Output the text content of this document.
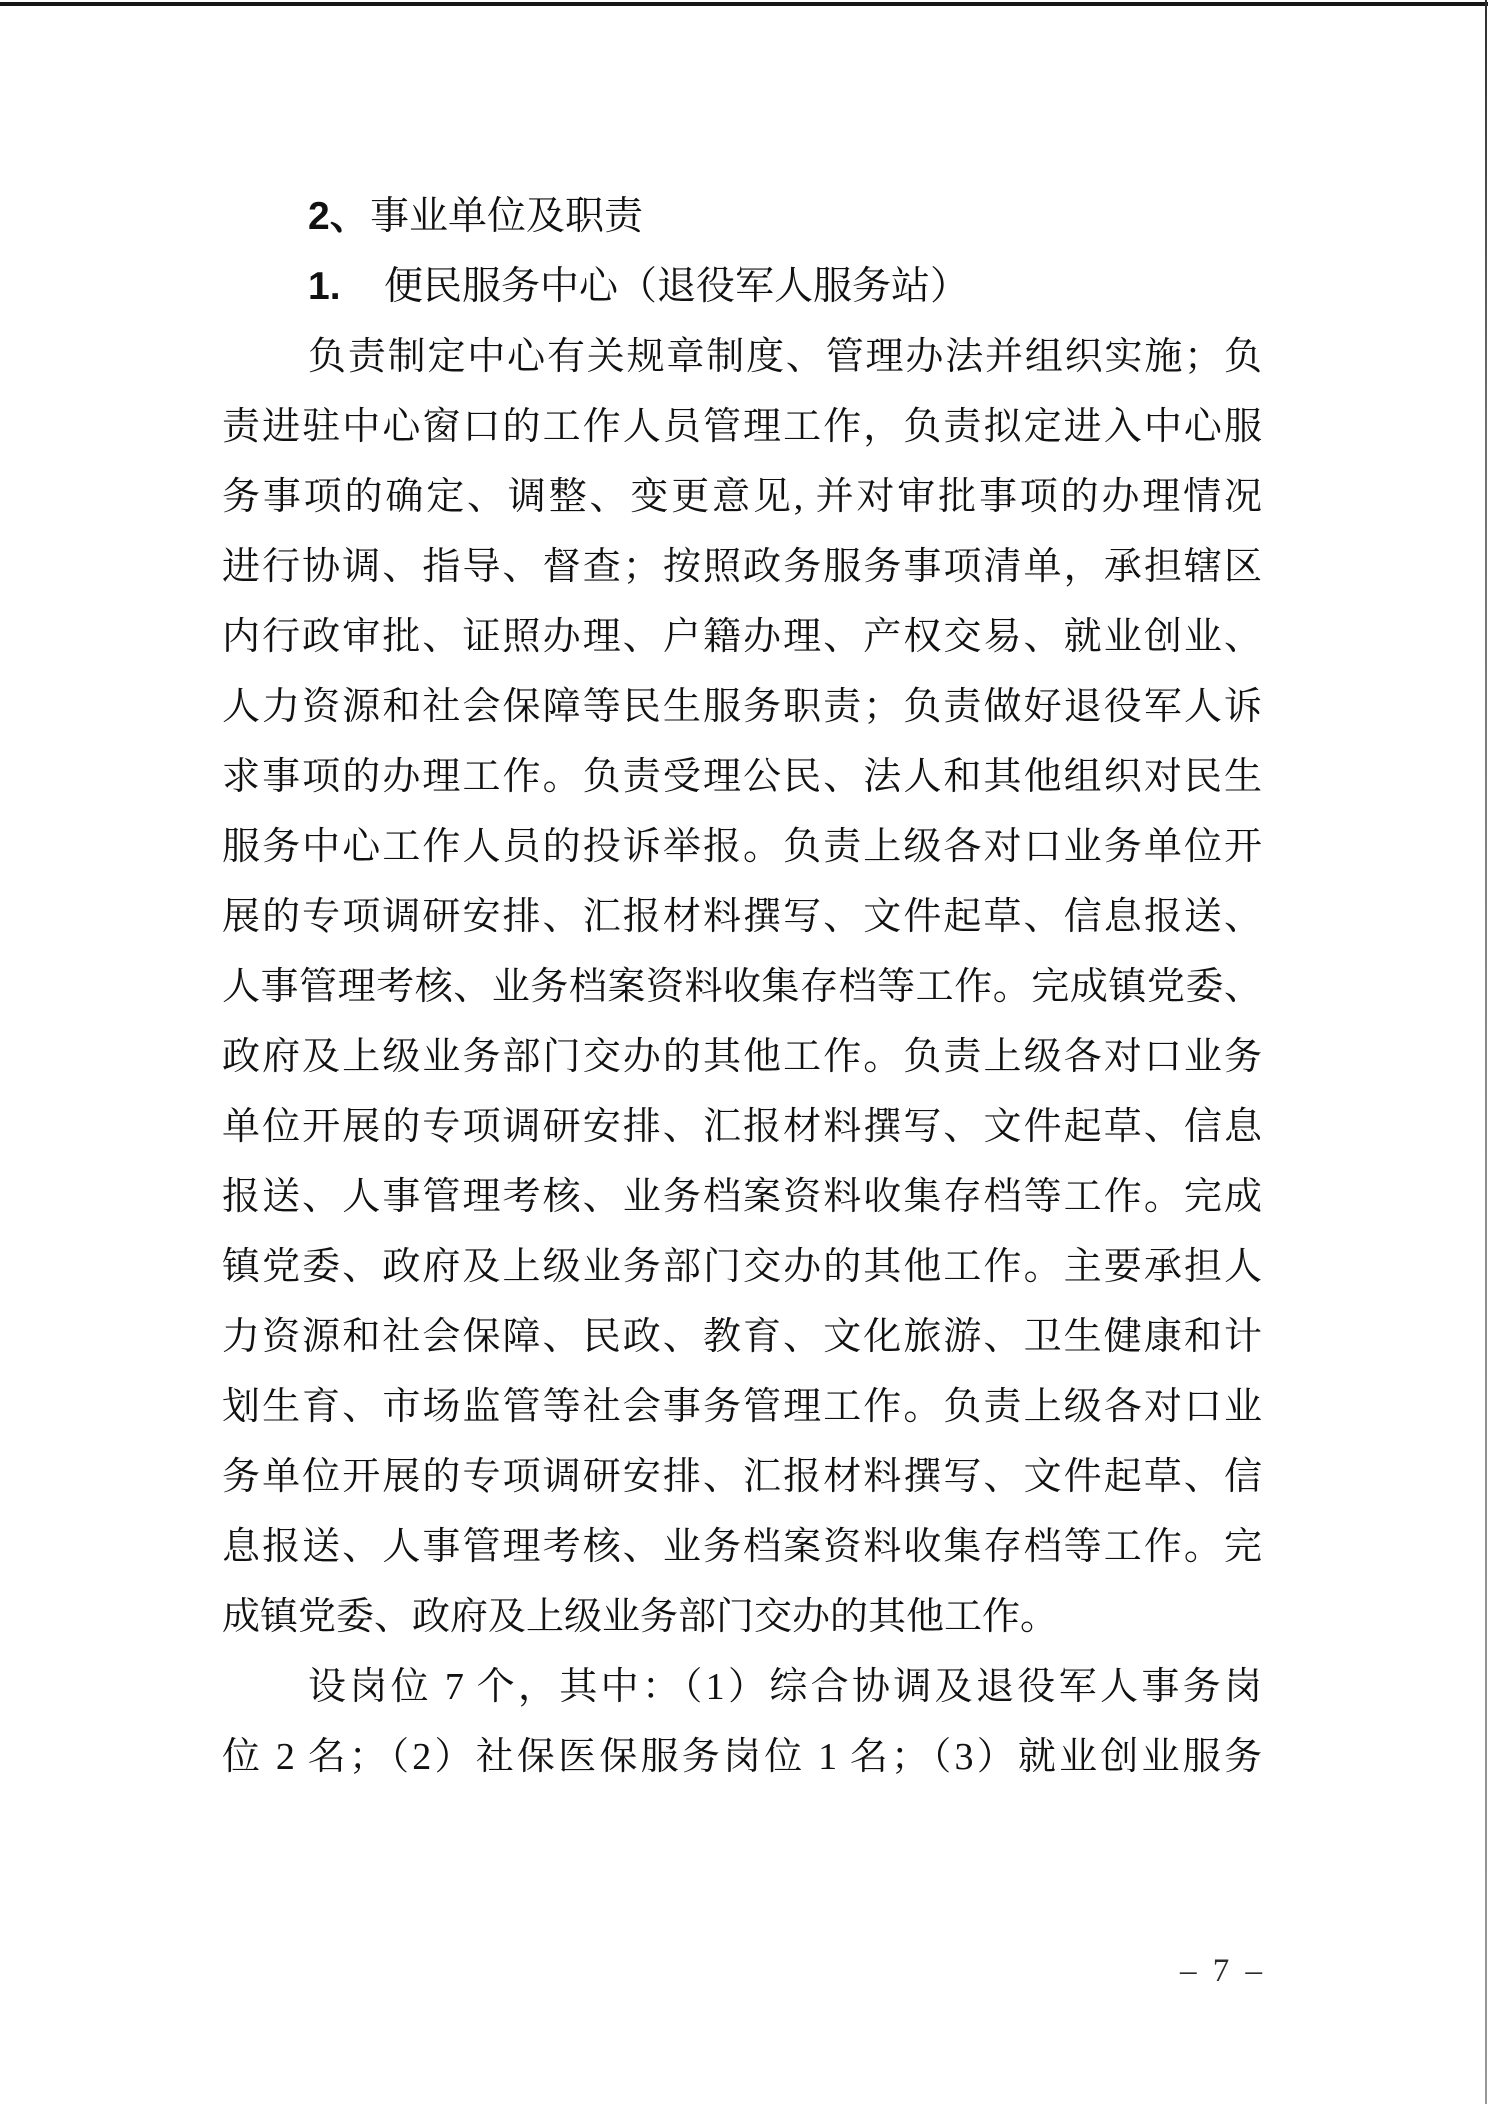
2、事业单位及职责
1. 便民服务中心（退役军人服务站）
负责制定中心有关规章制度、管理办法并组织实施；负
责进驻中心窗口的工作人员管理工作，负责拟定进入中心服
务事项的确定、调整、变更意见, 并对审批事项的办理情况
进行协调、指导、督查；按照政务服务事项清单，承担辖区
内行政审批、证照办理、户籍办理、产权交易、就业创业、
人力资源和社会保障等民生服务职责；负责做好退役军人诉
求事项的办理工作。负责受理公民、法人和其他组织对民生
服务中心工作人员的投诉举报。负责上级各对口业务单位开
展的专项调研安排、汇报材料撰写、文件起草、信息报送、
人事管理考核、业务档案资料收集存档等工作。完成镇党委、
政府及上级业务部门交办的其他工作。负责上级各对口业务
单位开展的专项调研安排、汇报材料撰写、文件起草、信息
报送、人事管理考核、业务档案资料收集存档等工作。完成
镇党委、政府及上级业务部门交办的其他工作。主要承担人
力资源和社会保障、民政、教育、文化旅游、卫生健康和计
划生育、市场监管等社会事务管理工作。负责上级各对口业
务单位开展的专项调研安排、汇报材料撰写、文件起草、信
息报送、人事管理考核、业务档案资料收集存档等工作。完
成镇党委、政府及上级业务部门交办的其他工作。
设岗位 7 个，其中：（1）综合协调及退役军人事务岗
位 2 名；（2）社保医保服务岗位 1 名；（3）就业创业服务
– 7 –
